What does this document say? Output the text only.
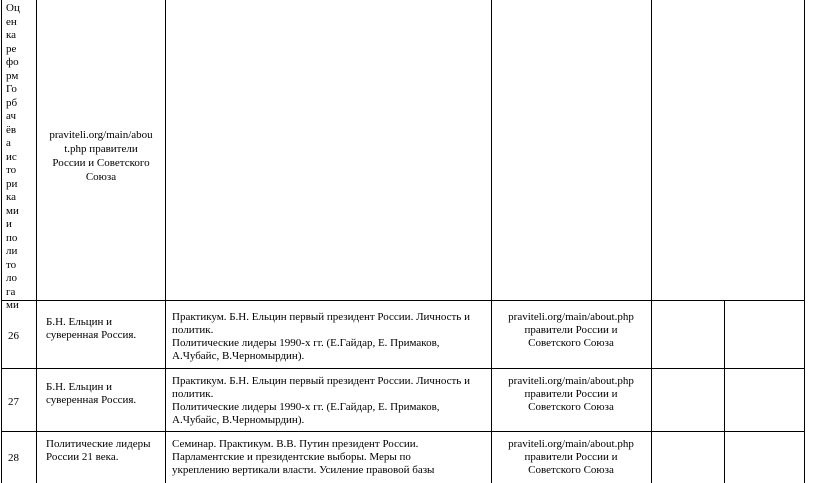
Оц
ен
ка
ре
фо
рм
Го
рб
ач
ёв
а
ис
то
ри
ка
ми
и
по
ли
то
ло
га
ми
praviteli.org/main/abou
t.php правители
России и Советского
Союза
26
Б.Н. Ельцин и
суверенная Россия.
Практикум. Б.Н. Ельцин первый президент России. Личность и
политик.
Политические лидеры 1990-х гг. (Е.Гайдар, Е. Примаков,
А.Чубайс, В.Черномырдин).
praviteli.org/main/about.php
правители России и
Советского Союза
27
Б.Н. Ельцин и
суверенная Россия.
Практикум. Б.Н. Ельцин первый президент России. Личность и
политик.
Политические лидеры 1990-х гг. (Е.Гайдар, Е. Примаков,
А.Чубайс, В.Черномырдин).
praviteli.org/main/about.php
правители России и
Советского Союза
28
Политические лидеры
России 21 века.
Семинар. Практикум. В.В. Путин президент России.
Парламентские и президентские выборы. Меры по
укреплению вертикали власти. Усиление правовой базы
praviteli.org/main/about.php
правители России и
Советского Союза
